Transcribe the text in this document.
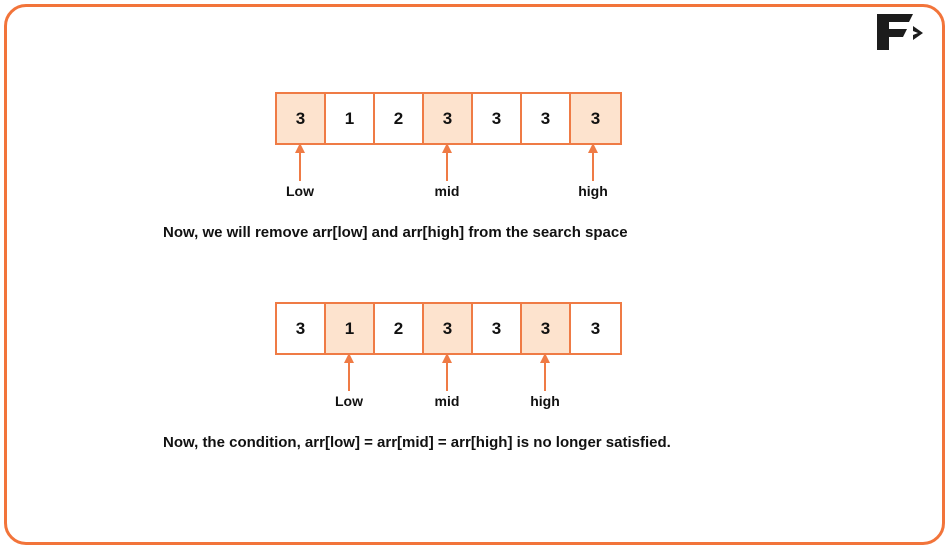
3	1	2	3	3	3	3
Low	mid	high
Now, we will remove arr[low] and arr[high] from the search space
3	1	2	3	3	3	3
Low	mid	high
Now, the condition, arr[low] = arr[mid] = arr[high] is no longer satisfied.
